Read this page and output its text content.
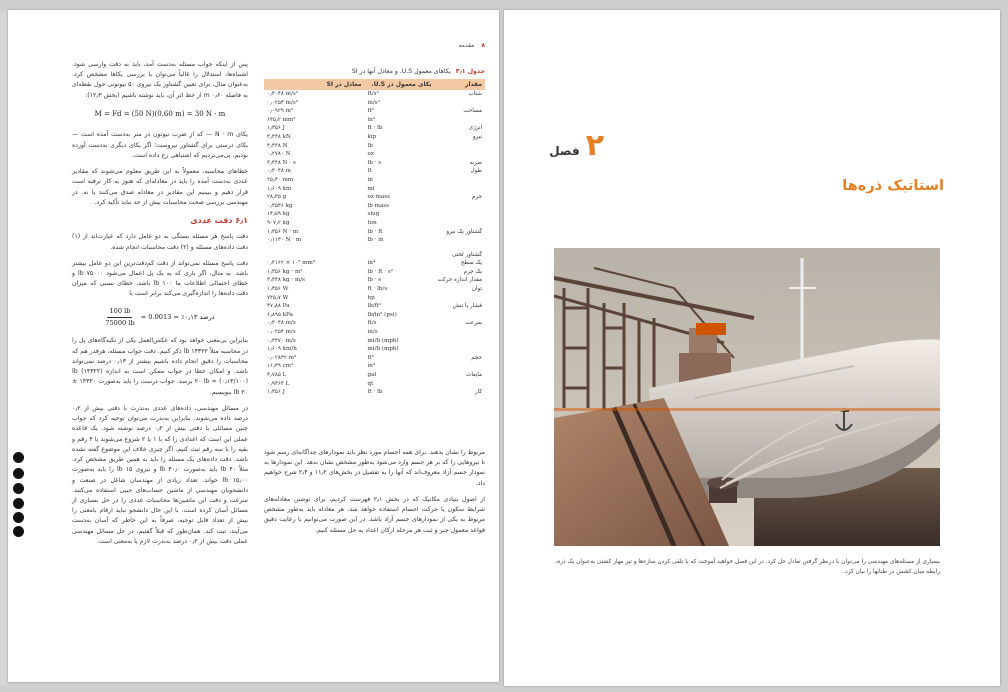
۸ مقدمه
جدول ۳٫۱ یکاهای معمول U.S. و معادل آنها در SI
مقدار	یکای معمول در U.S.	معادل در SI
شتاب	ft/s²	۰٫۳۰۴۸ m/s²
	in/s²	۰٫۰۲۵۴ m/s²
مساحت	ft²	۰٫۰۹۲۹ m²
	in²	۶۴۵٫۲ mm²
انرژی	ft · lb	۱٫۳۵۶ J
نیرو	kip	۴٫۴۴۸ kN
	lb	۴٫۴۴۸ N
	oz	۰٫۲۷۸۰ N
ضربه	lb · s	۴٫۴۴۸ N · s
طول	ft	۰٫۳۰۴۸ m
	in	۲۵٫۴۰ mm
	mi	۱٫۶۰۹ km
جرم	oz mass	۲۸٫۳۵ g
	lb mass	۰٫۴۵۳۶ kg
	slug	۱۴٫۵۹ kg
	ton	۹۰۷٫۲ kg
گشتاور یک نیرو	lb · ft	۱٫۳۵۶ N · m
	lb · in	۰٫۱۱۳۰ N · m

گشتاور لختی		
یک سطح	in⁴	۰٫۴۱۶۲ × ۱۰⁶ mm⁴
یک جرم	lb · ft · s²	۱٫۳۵۶ kg · m²
مقدار اندازه حرکت	lb · s	۴٫۴۴۸ kg · m/s
توان	ft · lb/s	۱٫۳۵۶ W
	hp	۷۴۵٫۷ W
فشار یا تنش	lb/ft²	۴۷٫۸۸ Pa
	lb/in² (psi)	۶٫۸۹۵ kPa
سرعت	ft/s	۰٫۳۰۴۸ m/s
	in/s	۰٫۰۲۵۴ m/s
	mi/h (mph)	۰٫۴۴۷۰ m/s
	mi/h (mph)	۱٫۶۰۹ km/h
حجم	ft³	۰٫۰۲۸۳۲ m³
	in³	۱۶٫۳۹ cm³
مایعات	gal	۳٫۷۸۵ L
	qt	۰٫۹۴۶۴ L
کار	ft · lb	۱٫۳۵۶ J

مربوط را نشان بدهند. برای همه اجسام مورد نظر باید نمودارهای جداگانه‌ای رسم شود تا نیروهایی را که بر هر جسم وارد می‌شود به‌طور مشخص نشان بدهد. این نمودارها به نمودار جسم آزاد معروف‌اند که آنها را به تفصیل در بخش‌های ۱۱٫۲ و ۲٫۴ شرح خواهیم داد.

از اصول بنیادی مکانیک که در بخش ۲٫۱ فهرست کردیم، برای نوشتن معادله‌های شرایط سکون یا حرکت اجسام استفاده خواهد شد. هر معادله باید به‌طور مشخص مربوط به یکی از نمودارهای جسم آزاد باشد. در این صورت می‌توانیم با رعایت دقیق قواعد معمول جبر و ثبت هر مرحله ارکان اعداد به حل مسئله کنیم.

پس از اینکه جواب مسئله به‌دست آمد، باید به دقت وارسی شود. اشتباه‌ها، استدلال را غالباً می‌توان با بررسی یکاها مشخص کرد. به‌عنوان مثال، برای تعیین گشتاور یک نیروی ۵۰ نیوتونی حول نقطه‌ای به فاصله ۰٫۶۰ m از خط اثر آن، باید نوشته باشیم (بخش ۱۲٫۳):

M = Fd = (50 N)(0.60 m) = 30 N · m

یکای N · m — که از ضرب نیوتون در متر به‌دست آمده است — یکای درستی برای گشتاور نیروست؛ اگر یکای دیگری به‌دست آورده بودیم، پی‌می‌بردیم که اشتباهی رخ داده است.

خطاهای محاسبه، معمولاً به این طریق معلوم می‌شوند که مقادیر عددی به‌دست آمده را باید در معادله‌ای که هنوز به کار نرفته است قرار دهیم و ببینیم این مقادیر در معادله صدق می‌کنند یا نه. در مهندسی بررسی صحت محاسبات بیش از حد نباید تأکید کرد.

۶٫۱ دقت عددی

دقت پاسخ هر مسئله بستگی به دو عامل دارد که عبارت‌اند از (۱) دقت داده‌های مسئله و (۲) دقت محاسبات انجام شده.

دقت پاسخ مسئله نمی‌تواند از دقت کم‌دقت‌ترین این دو عامل بیشتر باشد. به‌ مثال، اگر باری که به یک پل اعمال می‌شود ۷۵۰۰۰ lb و خطای احتمالی اطلاعات ما ۱۰۰ lb باشد، خطای نسبی که میزان دقت داده‌ها را اندازه‌گیری می‌کند برابر است با

$\frac{100 lb}{75000 lb} = 0.0013$ = ٪۰٫۱۳ درصد

بنابراین بی‌معنی خواهد بود که عکس‌العمل یکی از تکیه‌گاه‌های پل را در محاسبه مثلاً ۱۴۳۲۲ lb ذکر کنیم. دقت جواب مسئله، هرقدر هم که محاسبات را دقیق انجام داده باشیم بیشتر از ۰٫۱۳ درصد نمی‌تواند باشد، و امکان خطا در جواب ممکن است به اندازه lb (۱۴۳۲۲)(۰٫۱۳/۱۰۰) ≈ ۲۰ lb برسد. جواب درست را باید به‌صورت ۱۴۳۲۰ ± ۲۰ lb بنویسیم.

در مسائل مهندسی، داده‌های عددی به‌ندرت با دقتی بیش از ۰٫۲ درصد داده می‌شوند. بنابراین به‌ندرت می‌توان توجیه کرد که جواب چنین مسائلی با دقتی بیش از ۰٫۲ درصد نوشته شود. یک قاعده عملی این است که اعدادی را که با ۱ یا ۲ شروع می‌شوند با ۴ رقم و بقیه را با سه رقم ثبت کنیم. اگر چیزی خلاف این موضوع گفته نشده باشد، دقت داده‌های یک مسئله را باید به همین طریق مشخص کرد. مثلاً ۴۰ lb باید به‌صورت ۴۰٫۰ lb و نیروی ۱۵ lb را باید به‌صورت ۱۵٫۰۰ lb خواند. تعداد زیادی از مهندسان شاغل در صنعت و دانشجویان مهندسی از ماشین حساب‌های جیبی استفاده می‌کنند. سرعت و دقت این ماشین‌ها محاسبات عددی را در حل بسیاری از مسائل آسان کرده است. با این حال دانشجو نباید ارقام بامعنی را بیش از تعداد قابل توجیه، صرفاً به این خاطر که آسان به‌دست می‌آیند، ثبت کند. همان‌طور که قبلاً گفتیم، در حل مسائل مهندسی عملی دقت بیش از ۰٫۲ درصد به‌ندرت لازم یا به‌معنی است.

۲
فصل
استاتیک ذره‌ها
بسیاری از مسئله‌های مهندسی را می‌توان با درنظر گرفتن تعادل حل کرد. در این فصل خواهید آموخت که با تلقی کردن سازه‌ها و تیر مهار کشتی به‌عنوان یک ذره، رابطه میان کشش در طنابها را بیان کرد.
